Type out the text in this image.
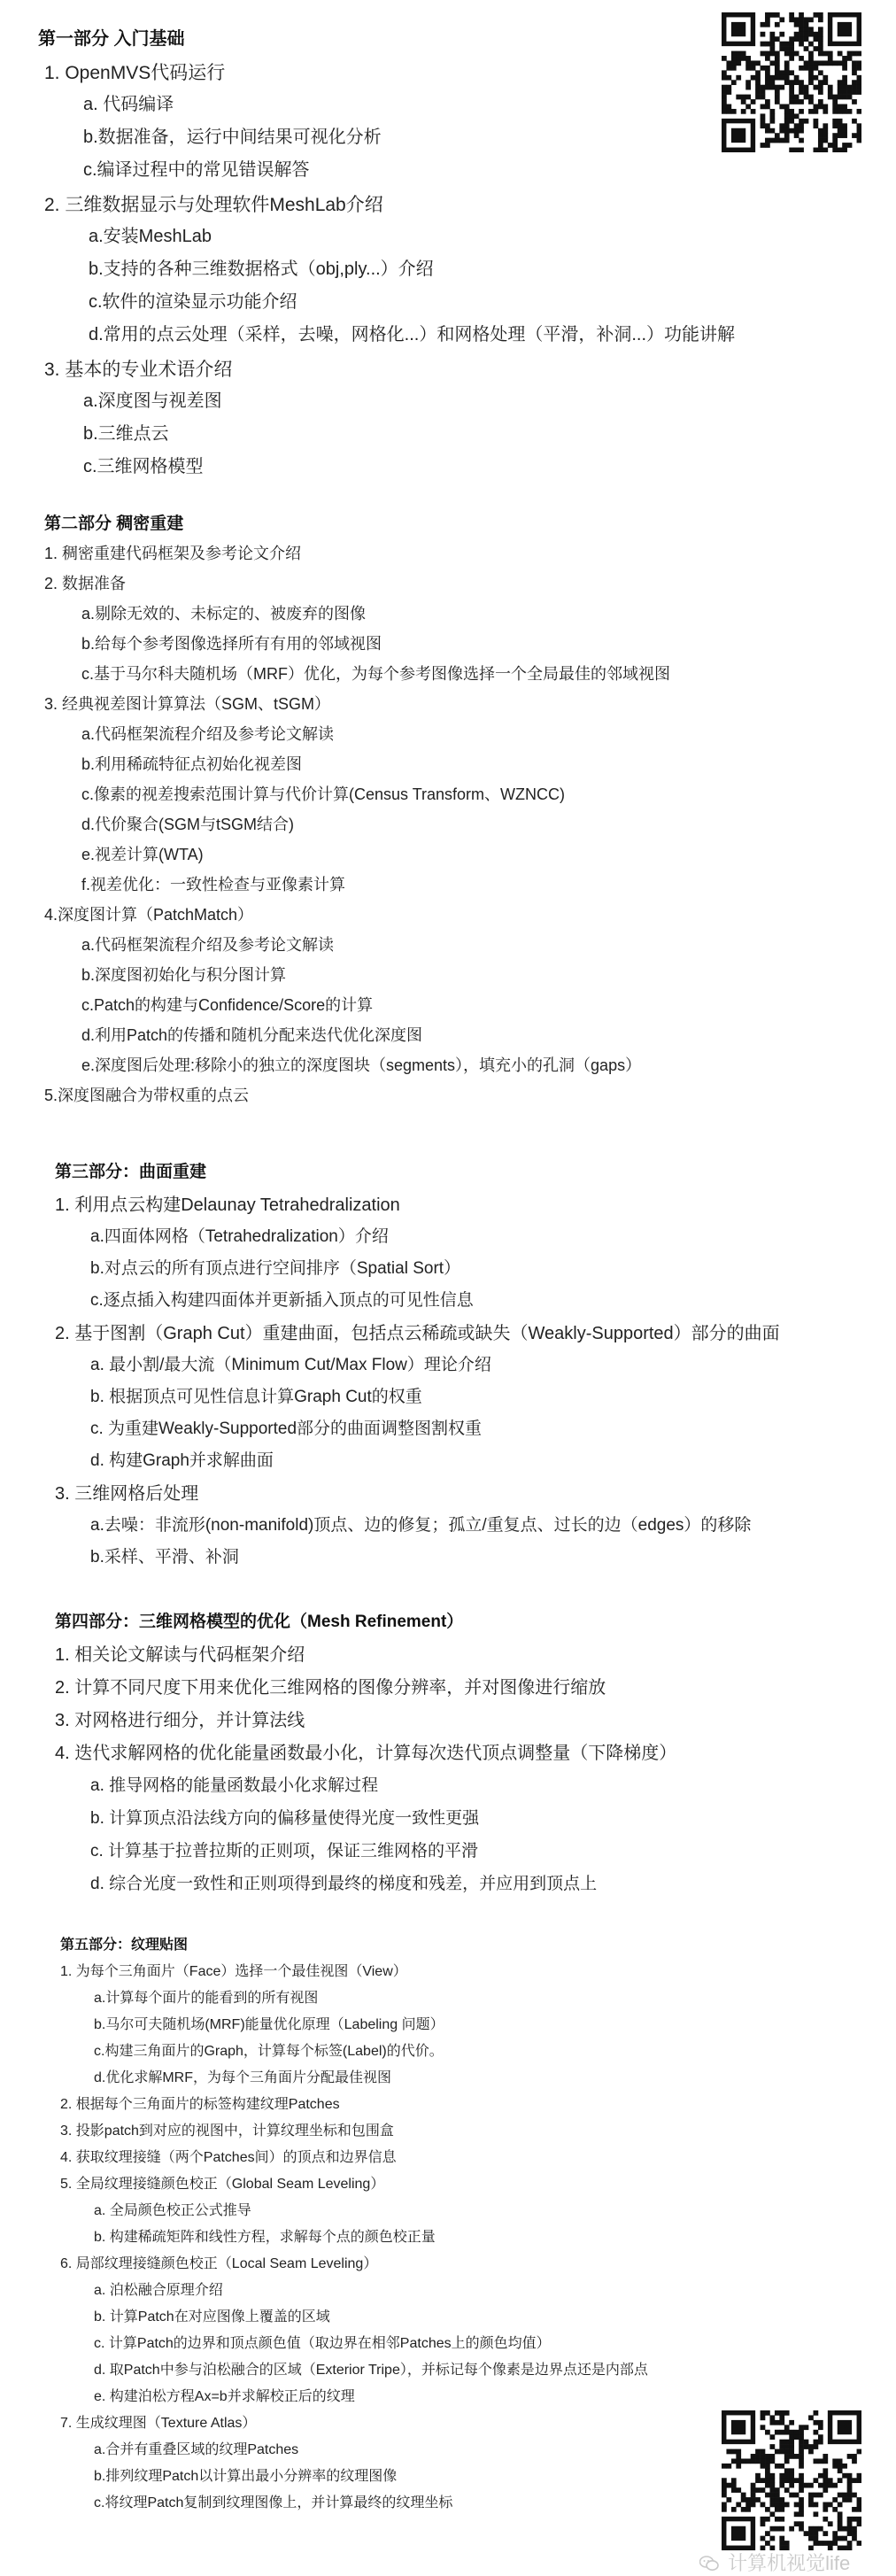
第一部分 入门基础
1. OpenMVS代码运行
a. 代码编译
b.数据准备，运行中间结果可视化分析
c.编译过程中的常见错误解答
2. 三维数据显示与处理软件MeshLab介绍
a.安装MeshLab
b.支持的各种三维数据格式（obj,ply...）介绍
c.软件的渲染显示功能介绍
d.常用的点云处理（采样，去噪，网格化...）和网格处理（平滑，补洞...）功能讲解
3. 基本的专业术语介绍
a.深度图与视差图
b.三维点云
c.三维网格模型
第二部分 稠密重建
1. 稠密重建代码框架及参考论文介绍
2. 数据准备
a.剔除无效的、未标定的、被废弃的图像
b.给每个参考图像选择所有有用的邻域视图
c.基于马尔科夫随机场（MRF）优化，为每个参考图像选择一个全局最佳的邻域视图
3. 经典视差图计算算法（SGM、tSGM）
a.代码框架流程介绍及参考论文解读
b.利用稀疏特征点初始化视差图
c.像素的视差搜索范围计算与代价计算(Census Transform、WZNCC)
d.代价聚合(SGM与tSGM结合)
e.视差计算(WTA)
f.视差优化：一致性检查与亚像素计算
4.深度图计算（PatchMatch）
a.代码框架流程介绍及参考论文解读
b.深度图初始化与积分图计算
c.Patch的构建与Confidence/Score的计算
d.利用Patch的传播和随机分配来迭代优化深度图
e.深度图后处理:移除小的独立的深度图块（segments），填充小的孔洞（gaps）
5.深度图融合为带权重的点云
第三部分：曲面重建
1. 利用点云构建Delaunay Tetrahedralization
a.四面体网格（Tetrahedralization）介绍
b.对点云的所有顶点进行空间排序（Spatial Sort）
c.逐点插入构建四面体并更新插入顶点的可见性信息
2. 基于图割（Graph Cut）重建曲面，包括点云稀疏或缺失（Weakly-Supported）部分的曲面
a. 最小割/最大流（Minimum Cut/Max Flow）理论介绍
b. 根据顶点可见性信息计算Graph Cut的权重
c. 为重建Weakly-Supported部分的曲面调整图割权重
d. 构建Graph并求解曲面
3. 三维网格后处理
a.去噪：非流形(non-manifold)顶点、边的修复；孤立/重复点、过长的边（edges）的移除
b.采样、平滑、补洞
第四部分：三维网格模型的优化（Mesh Refinement）
1. 相关论文解读与代码框架介绍
2. 计算不同尺度下用来优化三维网格的图像分辨率，并对图像进行缩放
3. 对网格进行细分，并计算法线
4. 迭代求解网格的优化能量函数最小化，计算每次迭代顶点调整量（下降梯度）
a. 推导网格的能量函数最小化求解过程
b. 计算顶点沿法线方向的偏移量使得光度一致性更强
c. 计算基于拉普拉斯的正则项，保证三维网格的平滑
d. 综合光度一致性和正则项得到最终的梯度和残差，并应用到顶点上
第五部分：纹理贴图
1. 为每个三角面片（Face）选择一个最佳视图（View）
a.计算每个面片的能看到的所有视图
b.马尔可夫随机场(MRF)能量优化原理（Labeling 问题）
c.构建三角面片的Graph，计算每个标签(Label)的代价。
d.优化求解MRF，为每个三角面片分配最佳视图
2. 根据每个三角面片的标签构建纹理Patches
3. 投影patch到对应的视图中，计算纹理坐标和包围盒
4. 获取纹理接缝（两个Patches间）的顶点和边界信息
5. 全局纹理接缝颜色校正（Global Seam Leveling）
a. 全局颜色校正公式推导
b. 构建稀疏矩阵和线性方程，求解每个点的颜色校正量
6. 局部纹理接缝颜色校正（Local Seam Leveling）
a. 泊松融合原理介绍
b. 计算Patch在对应图像上覆盖的区域
c. 计算Patch的边界和顶点颜色值（取边界在相邻Patches上的颜色均值）
d. 取Patch中参与泊松融合的区域（Exterior Tripe），并标记每个像素是边界点还是内部点
e. 构建泊松方程Ax=b并求解校正后的纹理
7. 生成纹理图（Texture Atlas）
a.合并有重叠区域的纹理Patches
b.排列纹理Patch以计算出最小分辨率的纹理图像
c.将纹理Patch复制到纹理图像上，并计算最终的纹理坐标
计算机视觉life
